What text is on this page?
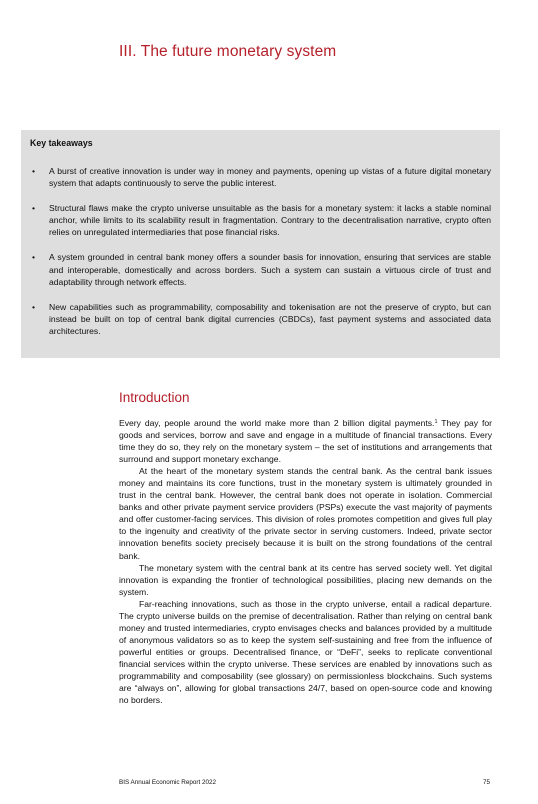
III. The future monetary system
Key takeaways
• A burst of creative innovation is under way in money and payments, opening up vistas of a future digital monetary system that adapts continuously to serve the public interest.
• Structural flaws make the crypto universe unsuitable as the basis for a monetary system: it lacks a stable nominal anchor, while limits to its scalability result in fragmentation. Contrary to the decentralisation narrative, crypto often relies on unregulated intermediaries that pose financial risks.
• A system grounded in central bank money offers a sounder basis for innovation, ensuring that services are stable and interoperable, domestically and across borders. Such a system can sustain a virtuous circle of trust and adaptability through network effects.
• New capabilities such as programmability, composability and tokenisation are not the preserve of crypto, but can instead be built on top of central bank digital currencies (CBDCs), fast payment systems and associated data architectures.
Introduction

Every day, people around the world make more than 2 billion digital payments.$^1$ They pay for goods and services, borrow and save and engage in a multitude of financial transactions. Every time they do so, they rely on the monetary system – the set of institutions and arrangements that surround and support monetary exchange.

At the heart of the monetary system stands the central bank. As the central bank issues money and maintains its core functions, trust in the monetary system is ultimately grounded in trust in the central bank. However, the central bank does not operate in isolation. Commercial banks and other private payment service providers (PSPs) execute the vast majority of payments and offer customer-facing services. This division of roles promotes competition and gives full play to the ingenuity and creativity of the private sector in serving customers. Indeed, private sector innovation benefits society precisely because it is built on the strong foundations of the central bank.

The monetary system with the central bank at its centre has served society well. Yet digital innovation is expanding the frontier of technological possibilities, placing new demands on the system.

Far-reaching innovations, such as those in the crypto universe, entail a radical departure. The crypto universe builds on the premise of decentralisation. Rather than relying on central bank money and trusted intermediaries, crypto envisages checks and balances provided by a multitude of anonymous validators so as to keep the system self-sustaining and free from the influence of powerful entities or groups. Decentralised finance, or “DeFi”, seeks to replicate conventional financial services within the crypto universe. These services are enabled by innovations such as programmability and composability (see glossary) on permissionless blockchains. Such systems are “always on”, allowing for global transactions 24/7, based on open-source code and knowing no borders.

BIS Annual Economic Report 2022	75
